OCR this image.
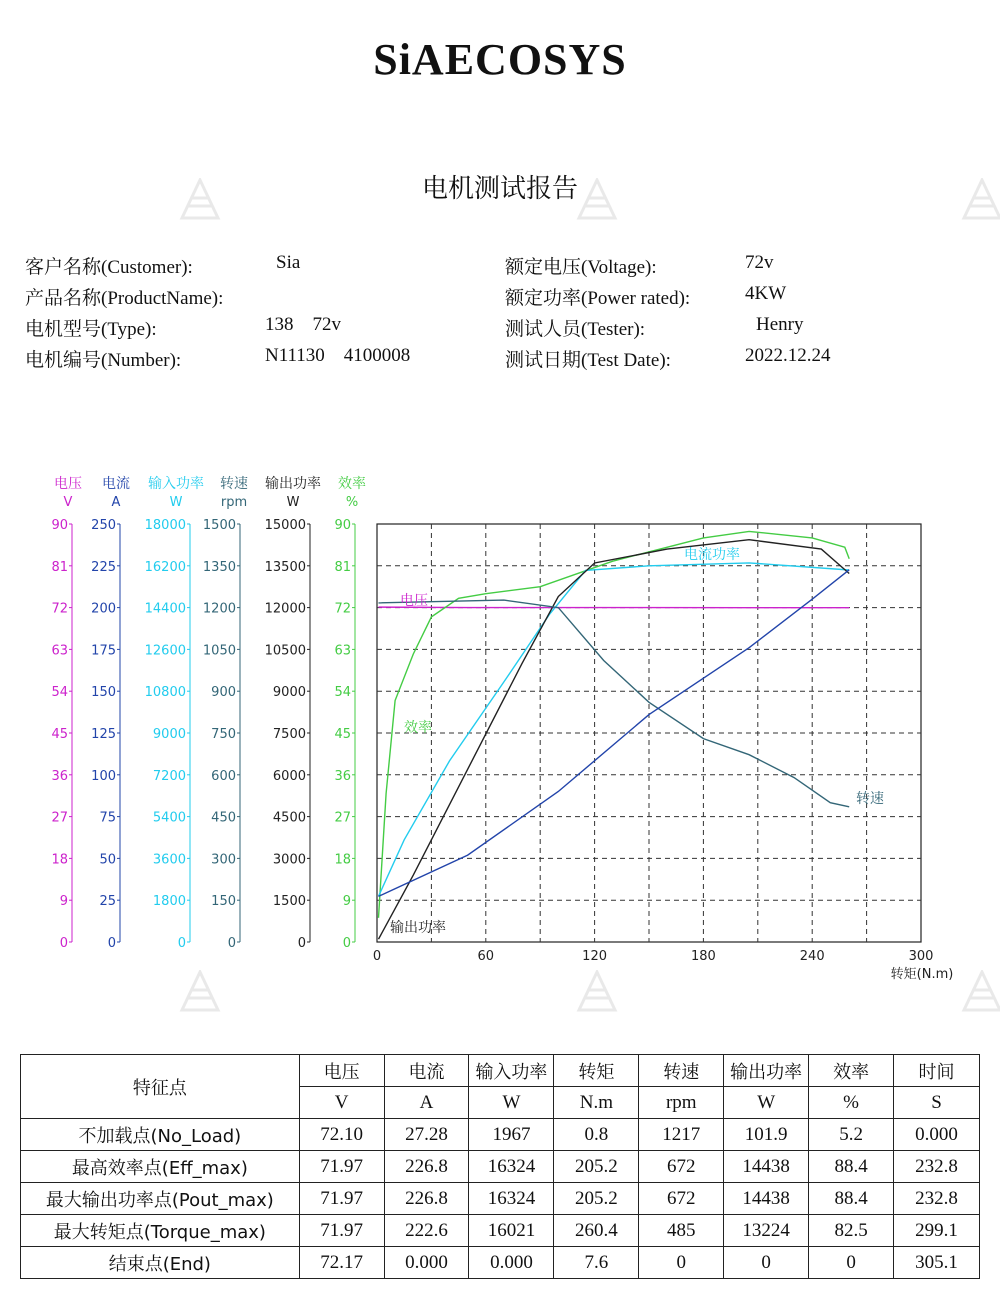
SiAECOSYS
电机测试报告
客户名称(Customer):	Sia
产品名称(ProductName):
电机型号(Type):	138    72v
电机编号(Number):	N11130    4100008
额定电压(Voltage):	72v
额定功率(Power rated):	4KW
测试人员(Tester):	Henry
测试日期(Test Date):	2022.12.24
电压
V
90
81
72
63
54
45
36
27
18
9
0
电流
A
250
225
200
175
150
125
100
75
50
25
0
输入功率
W
18000
16200
14400
12600
10800
9000
7200
5400
3600
1800
0
转速
rpm
1500
1350
1200
1050
900
750
600
450
300
150
0
输出功率
W
15000
13500
12000
10500
9000
7500
6000
4500
3000
1500
0
效率
%
90
81
72
63
54
45
36
27
18
9
0
电压
电流功率
效率
转速
输出功率
0	60	120	180	240	300
转矩(N.m)
特征点	电压	电流	输入功率	转矩	转速	输出功率	效率	时间
	V	A	W	N.m	rpm	W	%	S
不加载点(No_Load)	72.10	27.28	1967	0.8	1217	101.9	5.2	0.000
最高效率点(Eff_max)	71.97	226.8	16324	205.2	672	14438	88.4	232.8
最大输出功率点(Pout_max)	71.97	226.8	16324	205.2	672	14438	88.4	232.8
最大转矩点(Torque_max)	71.97	222.6	16021	260.4	485	13224	82.5	299.1
结束点(End)	72.17	0.000	0.000	7.6	0	0	0	305.1
